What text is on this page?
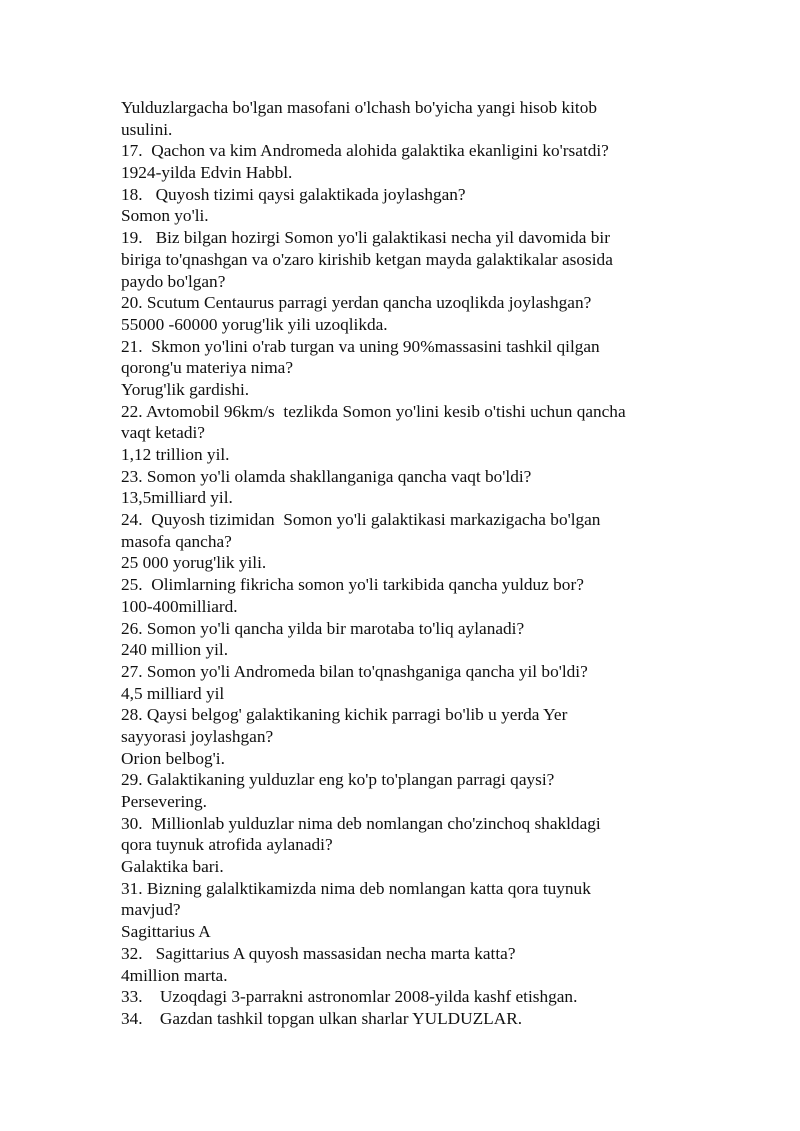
Yulduzlargacha bo'lgan masofani o'lchash bo'yicha yangi hisob kitob
usulini.
17.  Qachon va kim Andromeda alohida galaktika ekanligini ko'rsatdi?
1924-yilda Edvin Habbl.
18.   Quyosh tizimi qaysi galaktikada joylashgan?
Somon yo'li.
19.   Biz bilgan hozirgi Somon yo'li galaktikasi necha yil davomida bir
biriga to'qnashgan va o'zaro kirishib ketgan mayda galaktikalar asosida
paydo bo'lgan?
20. Scutum Centaurus parragi yerdan qancha uzoqlikda joylashgan?
55000 -60000 yorug'lik yili uzoqlikda.
21.  Skmon yo'lini o'rab turgan va uning 90%massasini tashkil qilgan
qorong'u materiya nima?
Yorug'lik gardishi.
22. Avtomobil 96km/s  tezlikda Somon yo'lini kesib o'tishi uchun qancha
vaqt ketadi?
1,12 trillion yil.
23. Somon yo'li olamda shakllanganiga qancha vaqt bo'ldi?
13,5milliard yil.
24.  Quyosh tizimidan  Somon yo'li galaktikasi markazigacha bo'lgan
masofa qancha?
25 000 yorug'lik yili.
25.  Olimlarning fikricha somon yo'li tarkibida qancha yulduz bor?
100-400milliard.
26. Somon yo'li qancha yilda bir marotaba to'liq aylanadi?
240 million yil.
27. Somon yo'li Andromeda bilan to'qnashganiga qancha yil bo'ldi?
4,5 milliard yil
28. Qaysi belgog' galaktikaning kichik parragi bo'lib u yerda Yer
sayyorasi joylashgan?
Orion belbog'i.
29. Galaktikaning yulduzlar eng ko'p to'plangan parragi qaysi?
Persevering.
30.  Millionlab yulduzlar nima deb nomlangan cho'zinchoq shakldagi
qora tuynuk atrofida aylanadi?
Galaktika bari.
31. Bizning galalktikamizda nima deb nomlangan katta qora tuynuk
mavjud?
Sagittarius A
32.   Sagittarius A quyosh massasidan necha marta katta?
4million marta.
33.    Uzoqdagi 3-parrakni astronomlar 2008-yilda kashf etishgan.
34.    Gazdan tashkil topgan ulkan sharlar YULDUZLAR.
